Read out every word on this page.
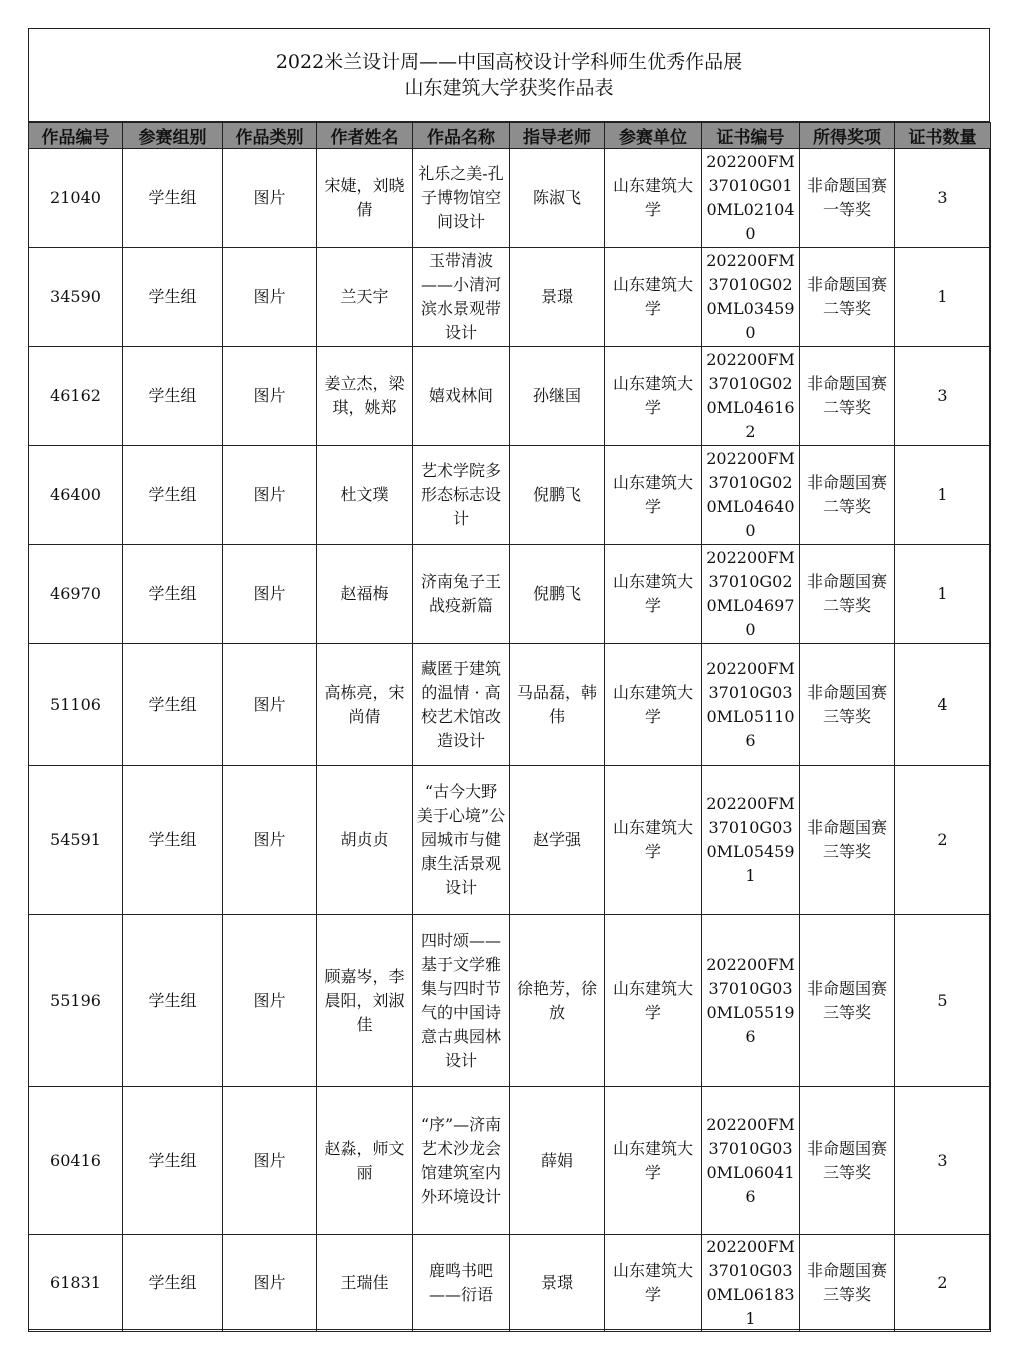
2022米兰设计周——中国高校设计学科师生优秀作品展
山东建筑大学获奖作品表
作品编号	参赛组别	作品类别	作者姓名	作品名称	指导老师	参赛单位	证书编号	所得奖项	证书数量
21040	学生组	图片	宋婕，刘晓倩	礼乐之美-孔子博物馆空间设计	陈淑飞	山东建筑大学	202200FM37010G010ML021040	非命题国赛一等奖	3
34590	学生组	图片	兰天宇	玉带清波——小清河滨水景观带设计	景璟	山东建筑大学	202200FM37010G020ML034590	非命题国赛二等奖	1
46162	学生组	图片	姜立杰，梁琪，姚郑	嬉戏林间	孙继国	山东建筑大学	202200FM37010G020ML046162	非命题国赛二等奖	3
46400	学生组	图片	杜文璞	艺术学院多形态标志设计	倪鹏飞	山东建筑大学	202200FM37010G020ML046400	非命题国赛二等奖	1
46970	学生组	图片	赵福梅	济南兔子王战疫新篇	倪鹏飞	山东建筑大学	202200FM37010G020ML046970	非命题国赛二等奖	1
51106	学生组	图片	高栋亮，宋尚倩	藏匿于建筑的温情 · 高校艺术馆改造设计	马品磊，韩伟	山东建筑大学	202200FM37010G030ML051106	非命题国赛三等奖	4
54591	学生组	图片	胡贞贞	“古今大野 美于心境”公园城市与健康生活景观设计	赵学强	山东建筑大学	202200FM37010G030ML054591	非命题国赛三等奖	2
55196	学生组	图片	顾嘉岑，李晨阳，刘淑佳	四时颂——基于文学雅集与四时节气的中国诗意古典园林设计	徐艳芳，徐放	山东建筑大学	202200FM37010G030ML055196	非命题国赛三等奖	5
60416	学生组	图片	赵淼，师文丽	“序”—济南艺术沙龙会馆建筑室内外环境设计	薛娟	山东建筑大学	202200FM37010G030ML060416	非命题国赛三等奖	3
61831	学生组	图片	王瑞佳	鹿鸣书吧——衍语	景璟	山东建筑大学	202200FM37010G030ML061831	非命题国赛三等奖	2
